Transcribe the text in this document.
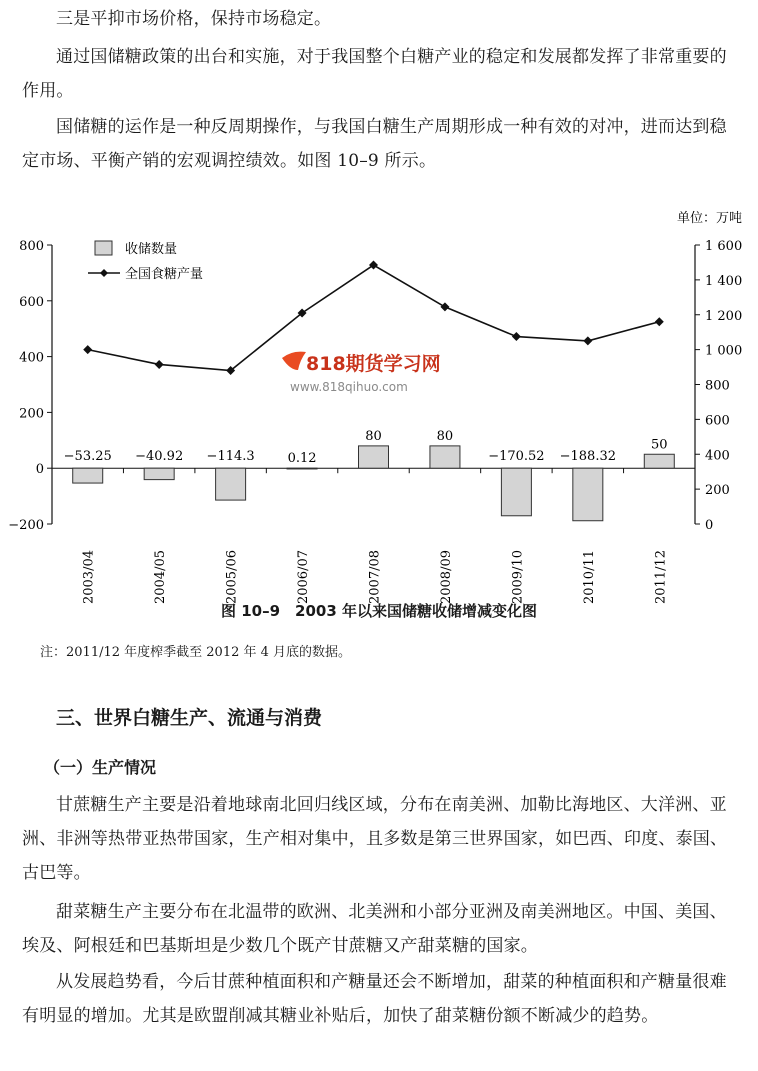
三是平抑市场价格，保持市场稳定。

通过国储糖政策的出台和实施，对于我国整个白糖产业的稳定和发展都发挥了非常重要的作用。

国储糖的运作是一种反周期操作，与我国白糖生产周期形成一种有效的对冲，进而达到稳定市场、平衡产销的宏观调控绩效。如图 10–9 所示。

单位：万吨
−200
0
200
400
600
800
0
200
400
600
800
1 000
1 200
1 400
1 600
−53.25 −40.92 −114.3	0.12
80	80
−170.52 −188.32
50
2003/04	2004/05	2005/06	2006/07	2007/08	2008/09	2009/10	2010/11	2011/12
收储数量
全国食糖产量
818期货学习网
www.818qihuo.com
图 10–9　2003 年以来国储糖收储增减变化图
注：2011/12 年度榨季截至 2012 年 4 月底的数据。
三、世界白糖生产、流通与消费
（一）生产情况

甘蔗糖生产主要是沿着地球南北回归线区域，分布在南美洲、加勒比海地区、大洋洲、亚洲、非洲等热带亚热带国家，生产相对集中，且多数是第三世界国家，如巴西、印度、泰国、古巴等。

甜菜糖生产主要分布在北温带的欧洲、北美洲和小部分亚洲及南美洲地区。中国、美国、埃及、阿根廷和巴基斯坦是少数几个既产甘蔗糖又产甜菜糖的国家。

从发展趋势看，今后甘蔗种植面积和产糖量还会不断增加，甜菜的种植面积和产糖量很难有明显的增加。尤其是欧盟削减其糖业补贴后，加快了甜菜糖份额不断减少的趋势。
